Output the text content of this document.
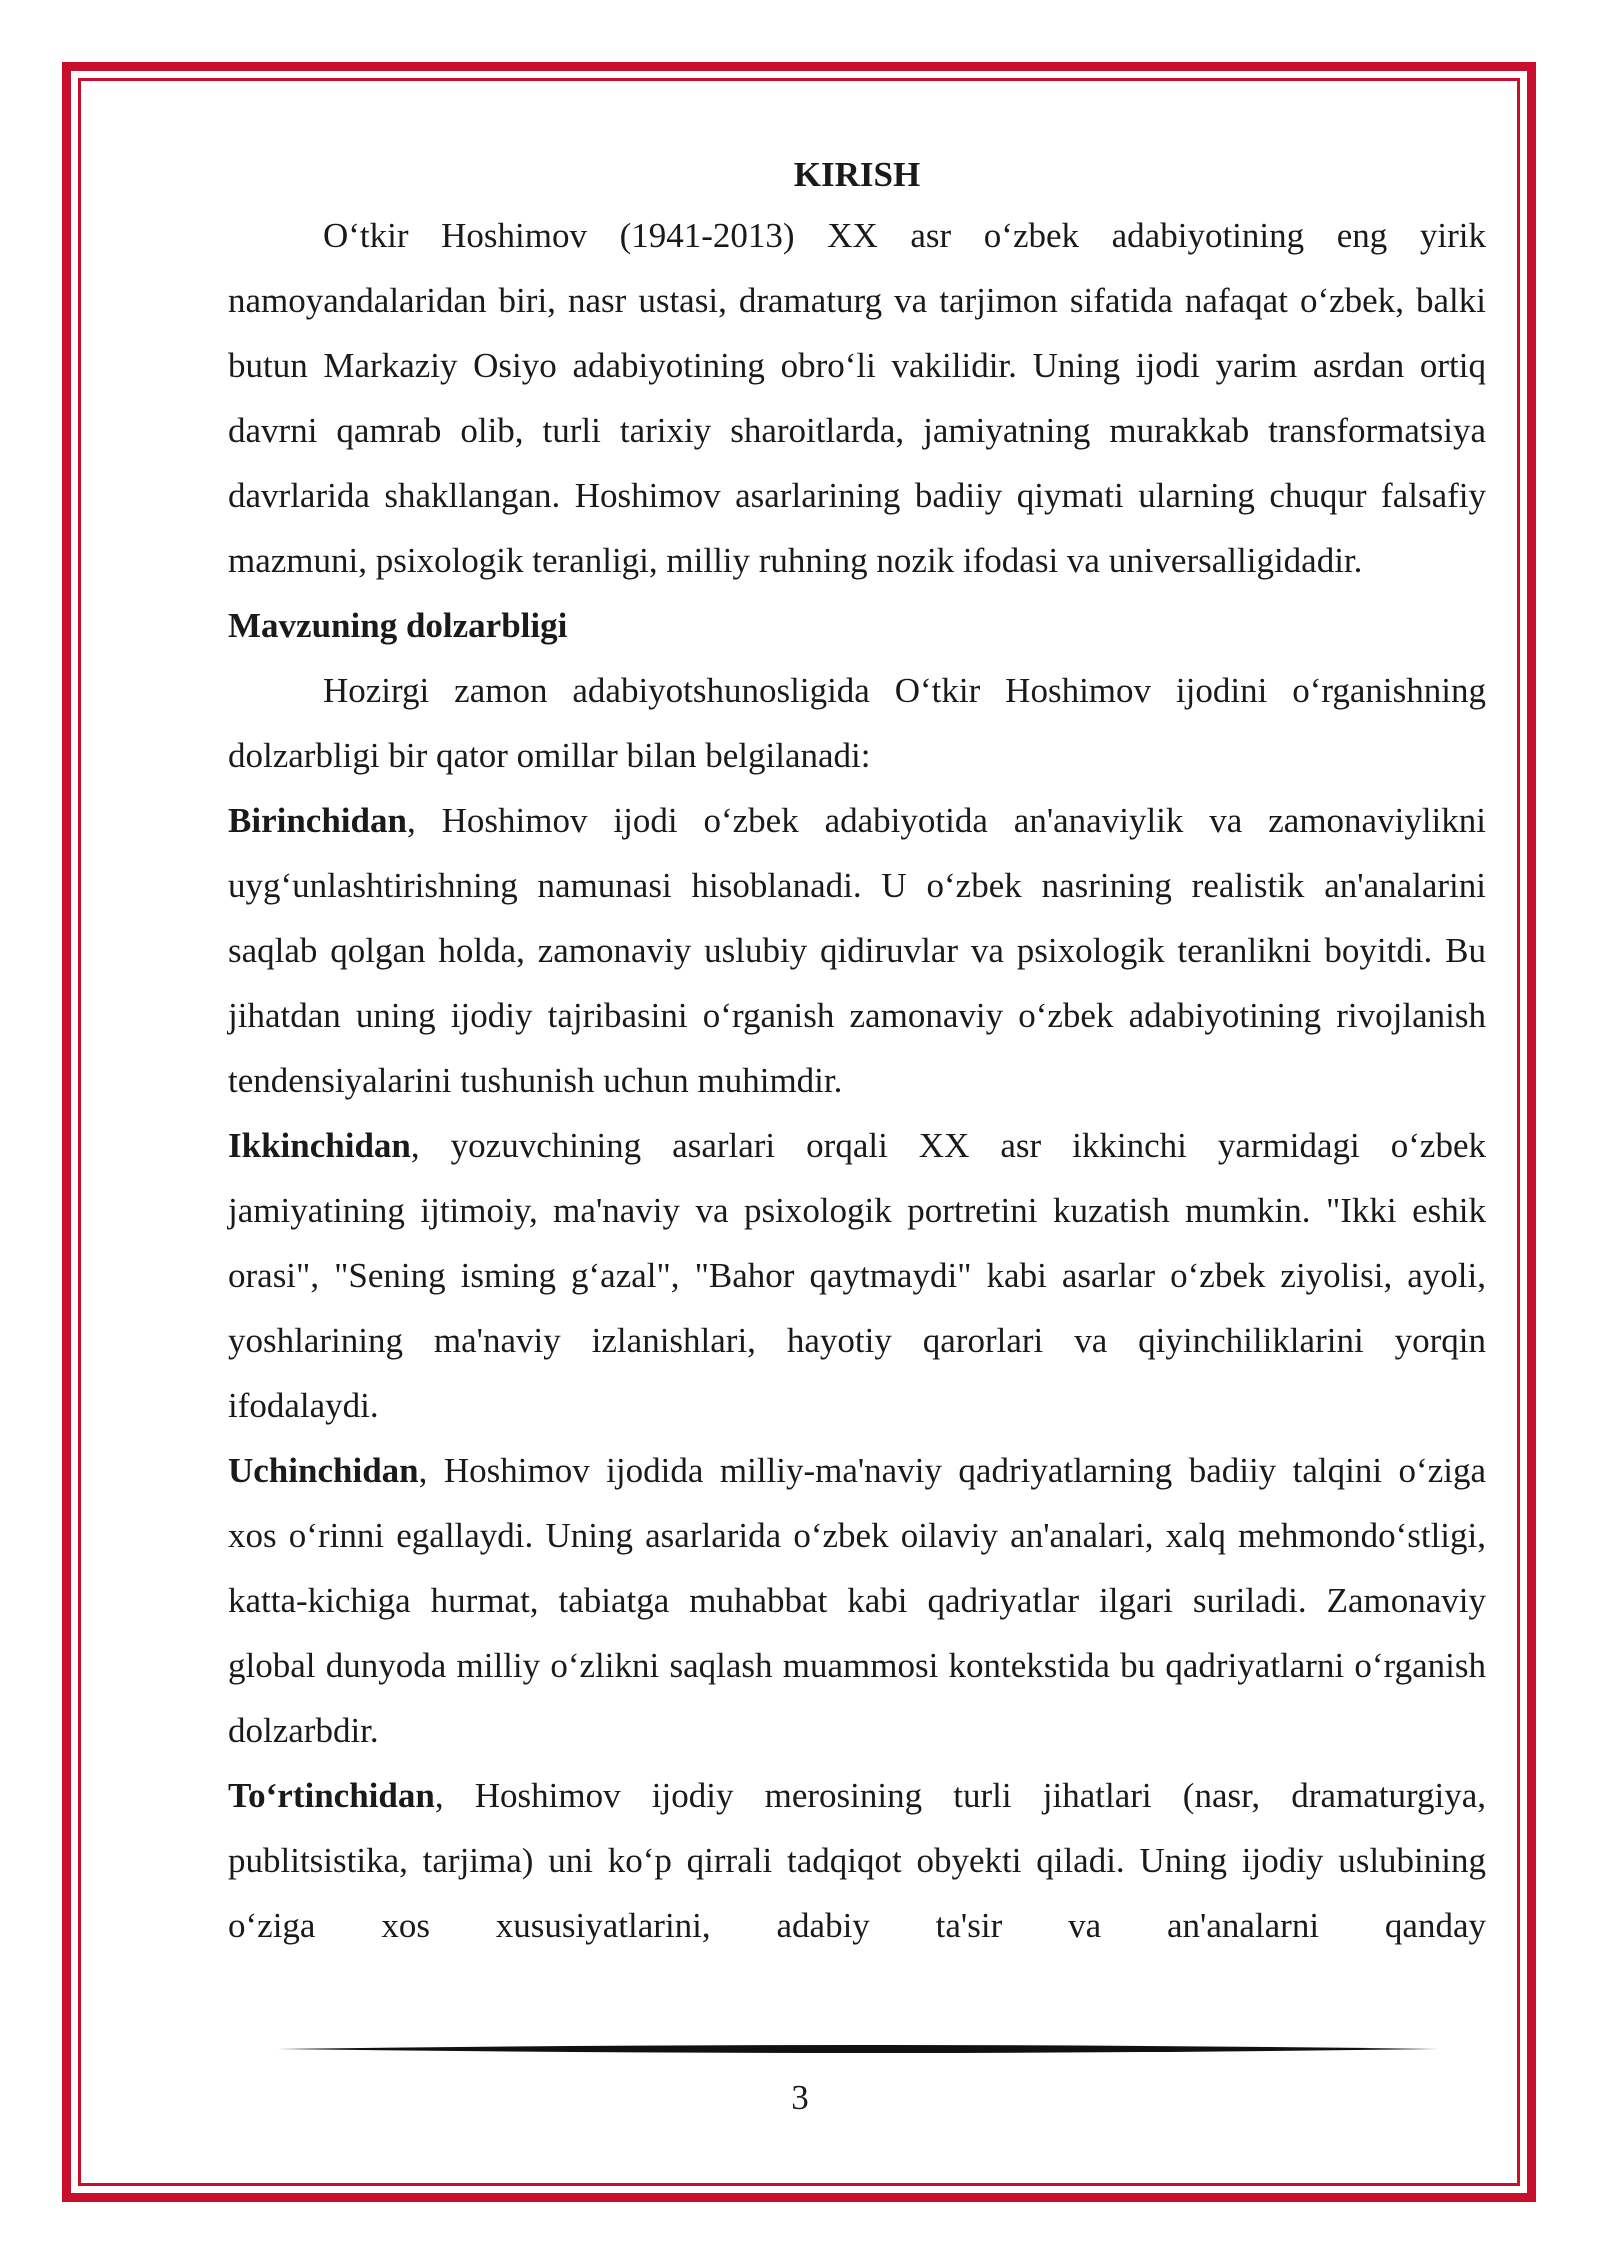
KIRISH

O‘tkir Hoshimov (1941-2013) XX asr o‘zbek adabiyotining eng yirik namoyandalaridan biri, nasr ustasi, dramaturg va tarjimon sifatida nafaqat o‘zbek, balki butun Markaziy Osiyo adabiyotining obro‘li vakilidir. Uning ijodi yarim asrdan ortiq davrni qamrab olib, turli tarixiy sharoitlarda, jamiyatning murakkab transformatsiya davrlarida shakllangan. Hoshimov asarlarining badiiy qiymati ularning chuqur falsafiy mazmuni, psixologik teranligi, milliy ruhning nozik ifodasi va universalligidadir.

Mavzuning dolzarbligi

Hozirgi zamon adabiyotshunosligida O‘tkir Hoshimov ijodini o‘rganishning dolzarbligi bir qator omillar bilan belgilanadi:

Birinchidan, Hoshimov ijodi o‘zbek adabiyotida an'anaviylik va zamonaviylikni uyg‘unlashtirishning namunasi hisoblanadi. U o‘zbek nasrining realistik an'analarini saqlab qolgan holda, zamonaviy uslubiy qidiruvlar va psixologik teranlikni boyitdi. Bu jihatdan uning ijodiy tajribasini o‘rganish zamonaviy o‘zbek adabiyotining rivojlanish tendensiyalarini tushunish uchun muhimdir.

Ikkinchidan, yozuvchining asarlari orqali XX asr ikkinchi yarmidagi o‘zbek jamiyatining ijtimoiy, ma'naviy va psixologik portretini kuzatish mumkin. "Ikki eshik orasi", "Sening isming g‘azal", "Bahor qaytmaydi" kabi asarlar o‘zbek ziyolisi, ayoli, yoshlarining ma'naviy izlanishlari, hayotiy qarorlari va qiyinchiliklarini yorqin ifodalaydi.

Uchinchidan, Hoshimov ijodida milliy-ma'naviy qadriyatlarning badiiy talqini o‘ziga xos o‘rinni egallaydi. Uning asarlarida o‘zbek oilaviy an'analari, xalq mehmondo‘stligi, katta-kichiga hurmat, tabiatga muhabbat kabi qadriyatlar ilgari suriladi. Zamonaviy global dunyoda milliy o‘zlikni saqlash muammosi kontekstida bu qadriyatlarni o‘rganish dolzarbdir.

To‘rtinchidan, Hoshimov ijodiy merosining turli jihatlari (nasr, dramaturgiya, publitsistika, tarjima) uni ko‘p qirrali tadqiqot obyekti qiladi. Uning ijodiy uslubining o‘ziga xos xususiyatlarini, adabiy ta'sir va an'analarni qanday

3
